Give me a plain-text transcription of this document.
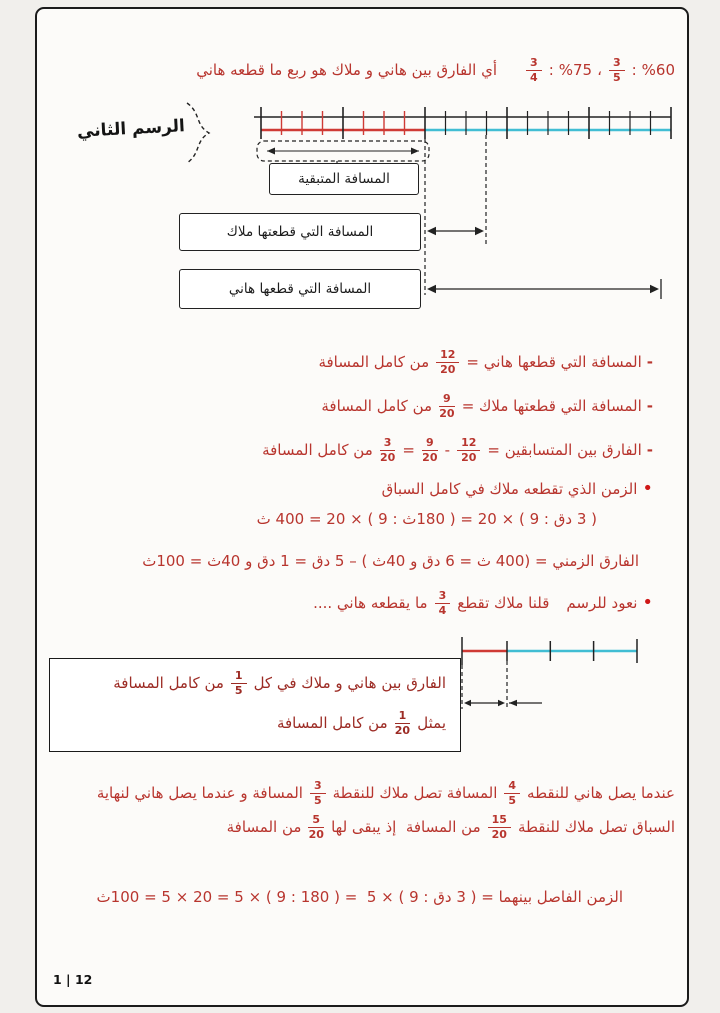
%60
:
$\frac{3}{5}$
،
%75
:
$\frac{3}{4}$
أي الفارق بين هاني و ملاك هو ربع ما قطعه هاني
الرسم الثاني
المسافة المتبقية
المسافة التي قطعتها ملاك
المسافة التي قطعها هاني
-
المسافة التي قطعها هاني =
$\frac{12}{20}$
من كامل المسافة
-
المسافة التي قطعتها ملاك =
$\frac{9}{20}$
من كامل المسافة
-
الفارق بين المتسابقين =
$\frac{12}{20}$
-
$\frac{9}{20}$
=
$\frac{3}{20}$
من كامل المسافة
•
الزمن الذي تقطعه ملاك في كامل السباق
( 3 دق : 9 ) × 20 = ( 180ث : 9 ) × 20 = 400 ث
الفارق الزمني = (400 ث = 6 دق و 40ث ) – 5 دق = 1 دق و 40ث = 100ث
•
نعود للرسم
قلنا ملاك تقطع
$\frac{3}{4}$
ما يقطعه هاني ....
الفارق بين هاني و ملاك في كل
$\frac{1}{5}$
من كامل المسافة
يمثل
$\frac{1}{20}$
من كامل المسافة
عندما يصل هاني للنقطه
$\frac{4}{5}$
المسافة تصل ملاك للنقطة
$\frac{3}{5}$
المسافة و عندما يصل هاني لنهاية
السباق تصل ملاك للنقطة
$\frac{15}{20}$
من المسافة  إذ يبقى لها
$\frac{5}{20}$
من المسافة
الزمن الفاصل بينهما = ( 3 دق : 9 ) × 5  = ( 180 : 9 ) × 5 = 20 × 5 = 100ث
1 | 12
